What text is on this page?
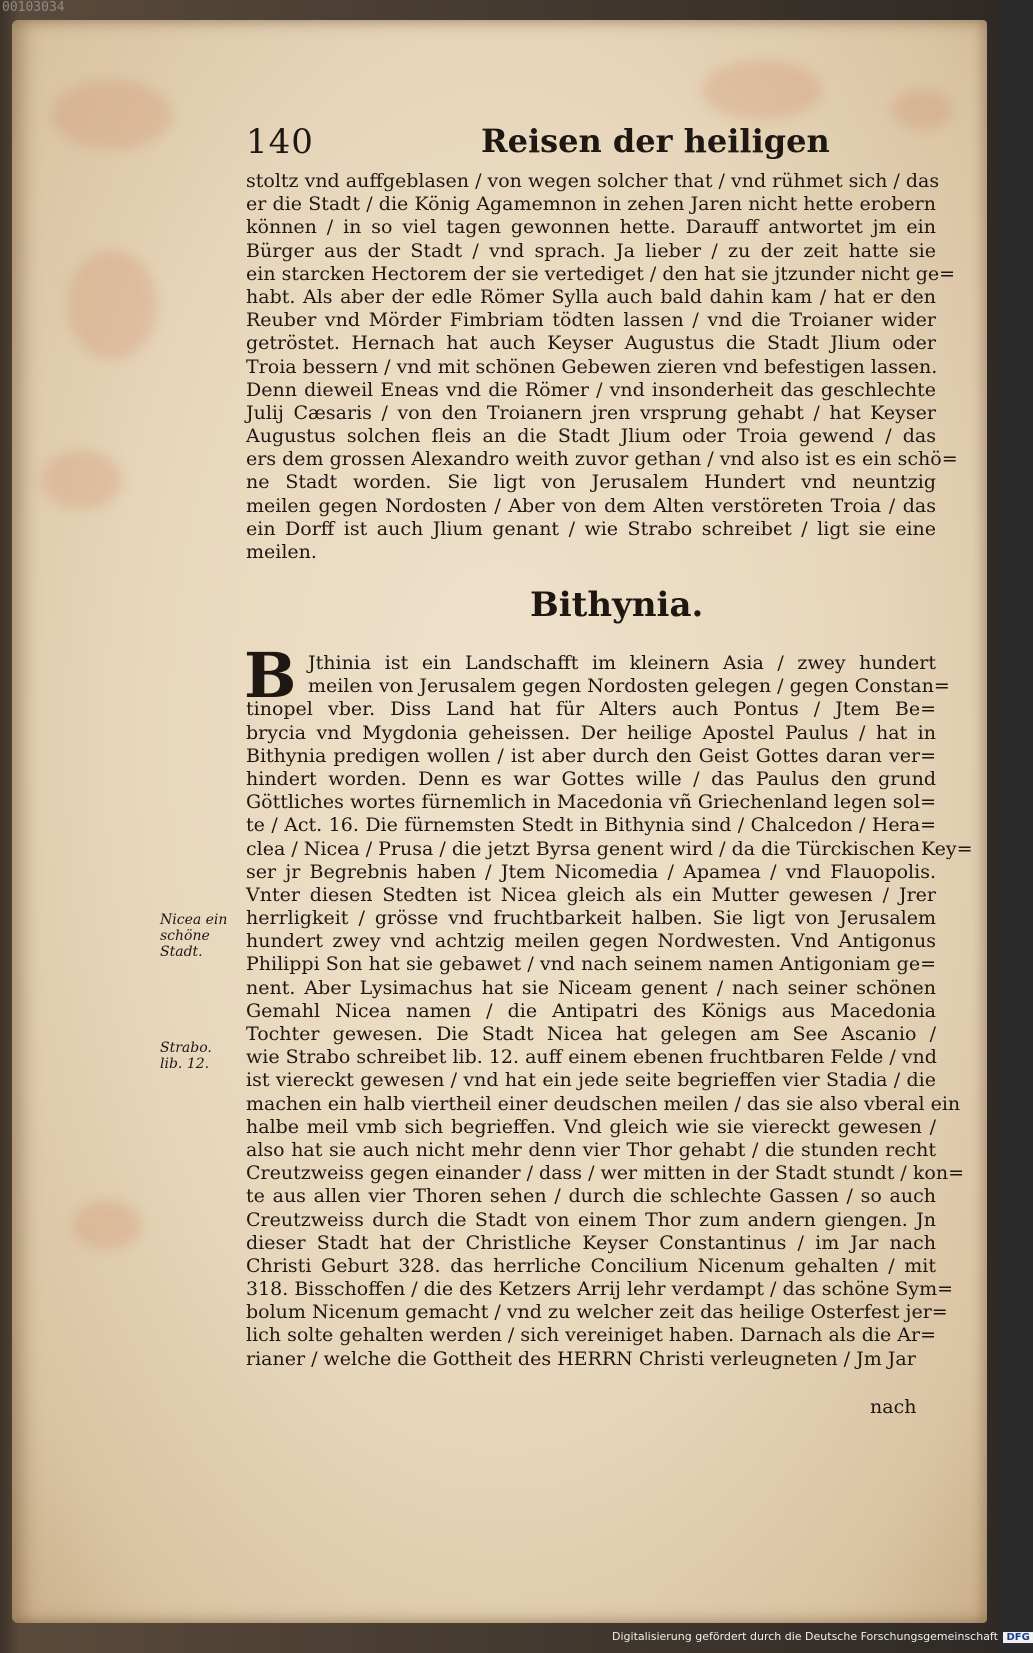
00103034
140	Reisen der heiligen
stoltz vnd auffgeblasen / von wegen solcher that / vnd rühmet sich / das
er die Stadt / die König Agamemnon in zehen Jaren nicht hette erobern
können / in so viel tagen gewonnen hette. Darauff antwortet jm ein
Bürger aus der Stadt / vnd sprach. Ja lieber / zu der zeit hatte sie
ein starcken Hectorem der sie vertediget / den hat sie jtzunder nicht ge=
habt. Als aber der edle Römer Sylla auch bald dahin kam / hat er den
Reuber vnd Mörder Fimbriam tödten lassen / vnd die Troianer wider
getröstet. Hernach hat auch Keyser Augustus die Stadt Jlium oder
Troia bessern / vnd mit schönen Gebewen zieren vnd befestigen lassen.
Denn dieweil Eneas vnd die Römer / vnd insonderheit das geschlechte
Julij Cæsaris / von den Troianern jren vrsprung gehabt / hat Keyser
Augustus solchen fleis an die Stadt Jlium oder Troia gewend / das
ers dem grossen Alexandro weith zuvor gethan / vnd also ist es ein schö=
ne Stadt worden. Sie ligt von Jerusalem Hundert vnd neuntzig
meilen gegen Nordosten / Aber von dem Alten verstöreten Troia / das
ein Dorff ist auch Jlium genant / wie Strabo schreibet / ligt sie eine
meilen.
Bithynia.
B Jthinia ist ein Landschafft im kleinern Asia / zwey hundert
meilen von Jerusalem gegen Nordosten gelegen / gegen Constan=
tinopel vber. Diss Land hat für Alters auch Pontus / Jtem Be=
brycia vnd Mygdonia geheissen. Der heilige Apostel Paulus / hat in
Bithynia predigen wollen / ist aber durch den Geist Gottes daran ver=
hindert worden. Denn es war Gottes wille / das Paulus den grund
Göttliches wortes fürnemlich in Macedonia vñ Griechenland legen sol=
te / Act. 16. Die fürnemsten Stedt in Bithynia sind / Chalcedon / Hera=
clea / Nicea / Prusa / die jetzt Byrsa genent wird / da die Türckischen Key=
ser jr Begrebnis haben / Jtem Nicomedia / Apamea / vnd Flauopolis.
Vnter diesen Stedten ist Nicea gleich als ein Mutter gewesen / Jrer
herrligkeit / grösse vnd fruchtbarkeit halben. Sie ligt von Jerusalem
hundert zwey vnd achtzig meilen gegen Nordwesten. Vnd Antigonus
Philippi Son hat sie gebawet / vnd nach seinem namen Antigoniam ge=
nent. Aber Lysimachus hat sie Niceam genent / nach seiner schönen
Gemahl Nicea namen / die Antipatri des Königs aus Macedonia
Tochter gewesen. Die Stadt Nicea hat gelegen am See Ascanio /
wie Strabo schreibet lib. 12. auff einem ebenen fruchtbaren Felde / vnd
ist viereckt gewesen / vnd hat ein jede seite begrieffen vier Stadia / die
machen ein halb viertheil einer deudschen meilen / das sie also vberal ein
halbe meil vmb sich begrieffen. Vnd gleich wie sie viereckt gewesen /
also hat sie auch nicht mehr denn vier Thor gehabt / die stunden recht
Creutzweiss gegen einander / dass / wer mitten in der Stadt stundt / kon=
te aus allen vier Thoren sehen / durch die schlechte Gassen / so auch
Creutzweiss durch die Stadt von einem Thor zum andern giengen. Jn
dieser Stadt hat der Christliche Keyser Constantinus / im Jar nach
Christi Geburt 328. das herrliche Concilium Nicenum gehalten / mit
318. Bisschoffen / die des Ketzers Arrij lehr verdampt / das schöne Sym=
bolum Nicenum gemacht / vnd zu welcher zeit das heilige Osterfest jer=
lich solte gehalten werden / sich vereiniget haben. Darnach als die Ar=
rianer / welche die Gottheit des HERRN Christi verleugneten / Jm Jar
Nicea ein
schöne
Stadt.
Strabo.
lib. 12.
nach
Digitalisierung gefördert durch die Deutsche Forschungsgemeinschaft DFG
